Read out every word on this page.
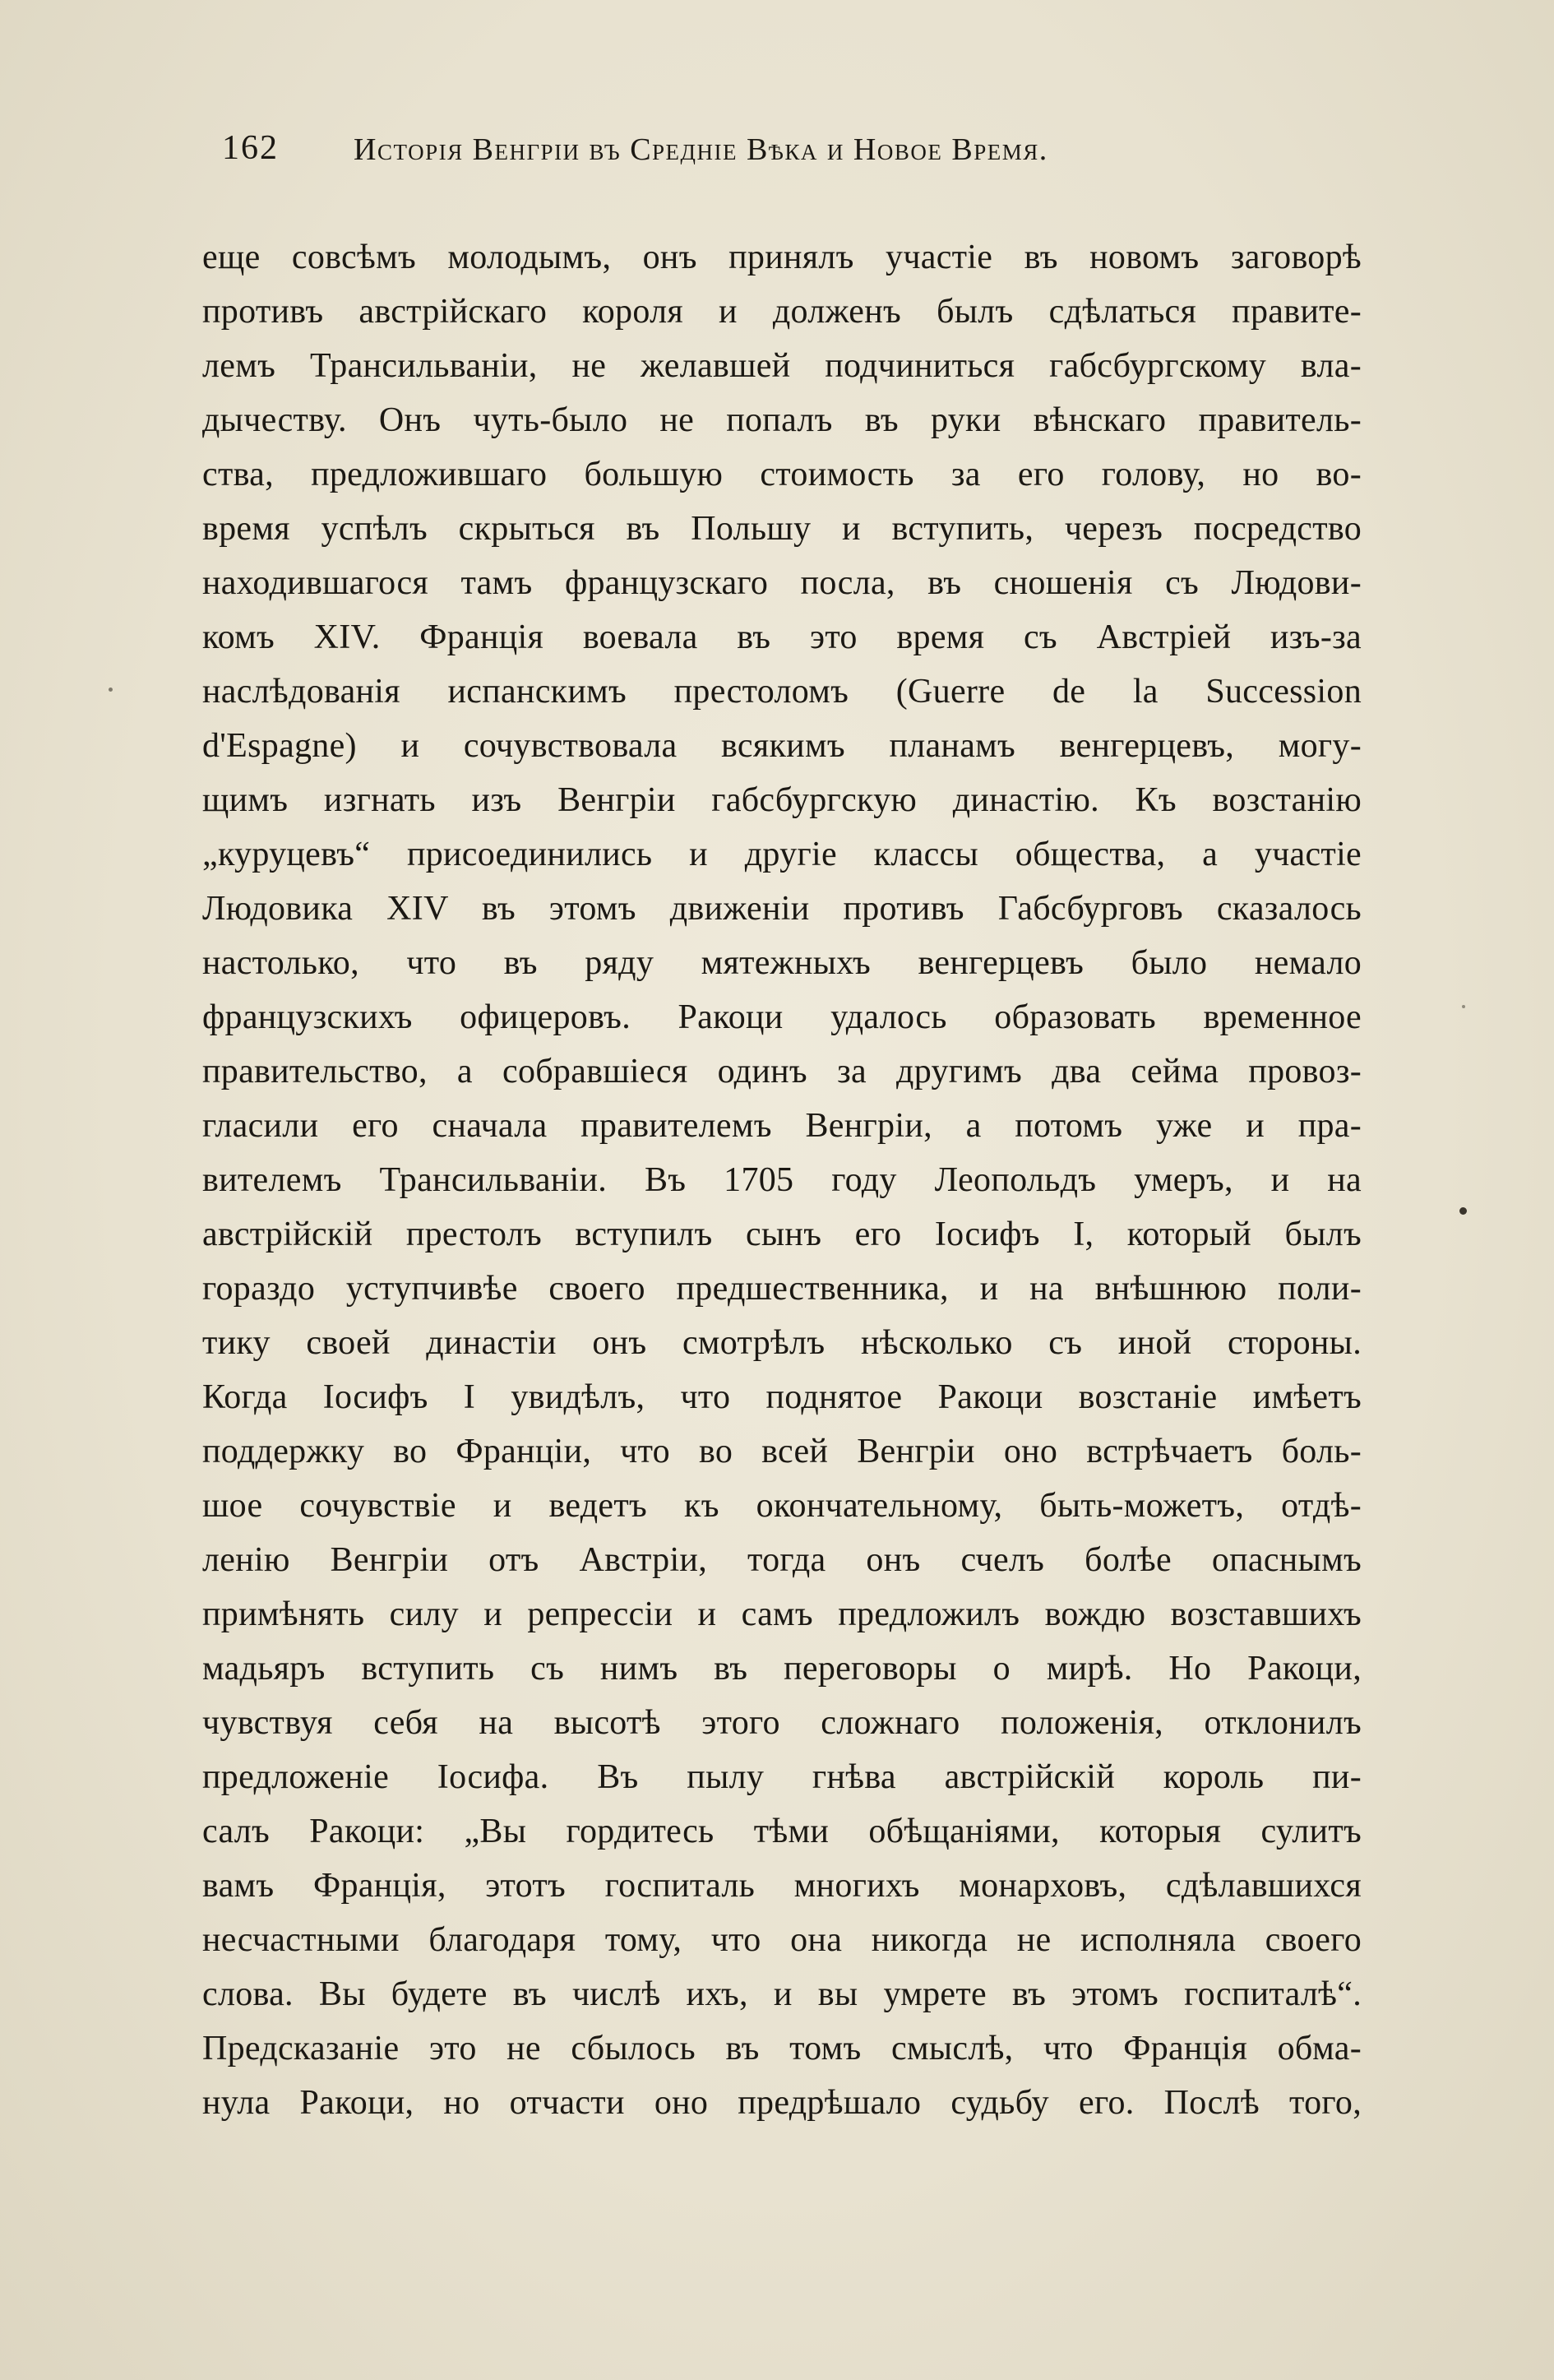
162 Исторія Венгріи въ Средніе Вѣка и Новое Время.
еще совсѣмъ молодымъ, онъ принялъ участіе въ новомъ заговорѣ
противъ австрійскаго короля и долженъ былъ сдѣлаться правите-
лемъ Трансильваніи, не желавшей подчиниться габсбургскому вла-
дычеству. Онъ чуть-было не попалъ въ руки вѣнскаго правитель-
ства, предложившаго большую стоимость за его голову, но во-
время успѣлъ скрыться въ Польшу и вступить, черезъ посредство
находившагося тамъ французскаго посла, въ сношенія съ Людови-
комъ XIV. Франція воевала въ это время съ Австріей изъ-за
наслѣдованія испанскимъ престоломъ (Guerre de la Succession
d'Espagne) и сочувствовала всякимъ планамъ венгерцевъ, могу-
щимъ изгнать изъ Венгріи габсбургскую династію. Къ возстанію
„куруцевъ“ присоединились и другіе классы общества, а участіе
Людовика XIV въ этомъ движеніи противъ Габсбурговъ сказалось
настолько, что въ ряду мятежныхъ венгерцевъ было немало
французскихъ офицеровъ. Ракоци удалось образовать временное
правительство, а собравшіеся одинъ за другимъ два сейма провоз-
гласили его сначала правителемъ Венгріи, а потомъ уже и пра-
вителемъ Трансильваніи. Въ 1705 году Леопольдъ умеръ, и на
австрійскій престолъ вступилъ сынъ его Іосифъ I, который былъ
гораздо уступчивѣе своего предшественника, и на внѣшнюю поли-
тику своей династіи онъ смотрѣлъ нѣсколько съ иной стороны.
Когда Іосифъ I увидѣлъ, что поднятое Ракоци возстаніе имѣетъ
поддержку во Франціи, что во всей Венгріи оно встрѣчаетъ боль-
шое сочувствіе и ведетъ къ окончательному, быть-можетъ, отдѣ-
ленію Венгріи отъ Австріи, тогда онъ счелъ болѣе опаснымъ
примѣнять силу и репрессіи и самъ предложилъ вождю возставшихъ
мадьяръ вступить съ нимъ въ переговоры о мирѣ. Но Ракоци,
чувствуя себя на высотѣ этого сложнаго положенія, отклонилъ
предложеніе Іосифа. Въ пылу гнѣва австрійскій король пи-
салъ Ракоци: „Вы гордитесь тѣми обѣщаніями, которыя сулитъ
вамъ Франція, этотъ госпиталь многихъ монарховъ, сдѣлавшихся
несчастными благодаря тому, что она никогда не исполняла своего
слова. Вы будете въ числѣ ихъ, и вы умрете въ этомъ госпиталѣ“.
Предсказаніе это не сбылось въ томъ смыслѣ, что Франція обма-
нула Ракоци, но отчасти оно предрѣшало судьбу его. Послѣ того,
